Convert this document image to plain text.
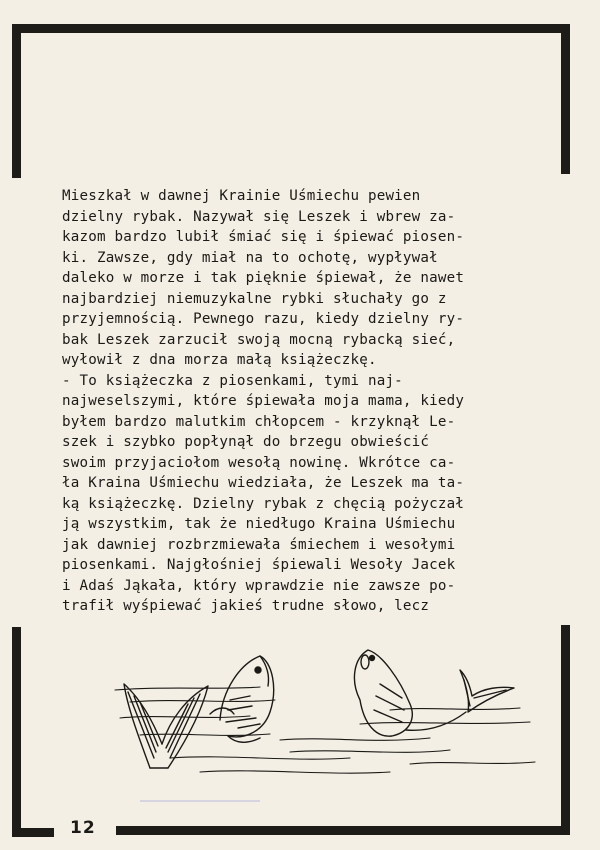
Mieszkał w dawnej Krainie Uśmiechu pewien

dzielny rybak. Nazywał się Leszek i wbrew za-

kazom bardzo lubił śmiać się i śpiewać piosen-

ki. Zawsze, gdy miał na to ochotę, wypływał

daleko w morze i tak pięknie śpiewał, że nawet

najbardziej niemuzykalne rybki słuchały go z

przyjemnością. Pewnego razu, kiedy dzielny ry-

bak Leszek zarzucił swoją mocną rybacką sieć,

wyłowił z dna morza małą książeczkę.

- To książeczka z piosenkami, tymi naj-

najweselszymi, które śpiewała moja mama, kiedy

byłem bardzo malutkim chłopcem - krzyknął Le-

szek i szybko popłynął do brzegu obwieścić

swoim przyjaciołom wesołą nowinę. Wkrótce ca-

ła Kraina Uśmiechu wiedziała, że Leszek ma ta-

ką książeczkę. Dzielny rybak z chęcią pożyczał

ją wszystkim, tak że niedługo Kraina Uśmiechu

jak dawniej rozbrzmiewała śmiechem i wesołymi

piosenkami. Najgłośniej śpiewali Wesoły Jacek

i Adaś Jąkała, który wprawdzie nie zawsze po-

trafił wyśpiewać jakieś trudne słowo, lecz

12
